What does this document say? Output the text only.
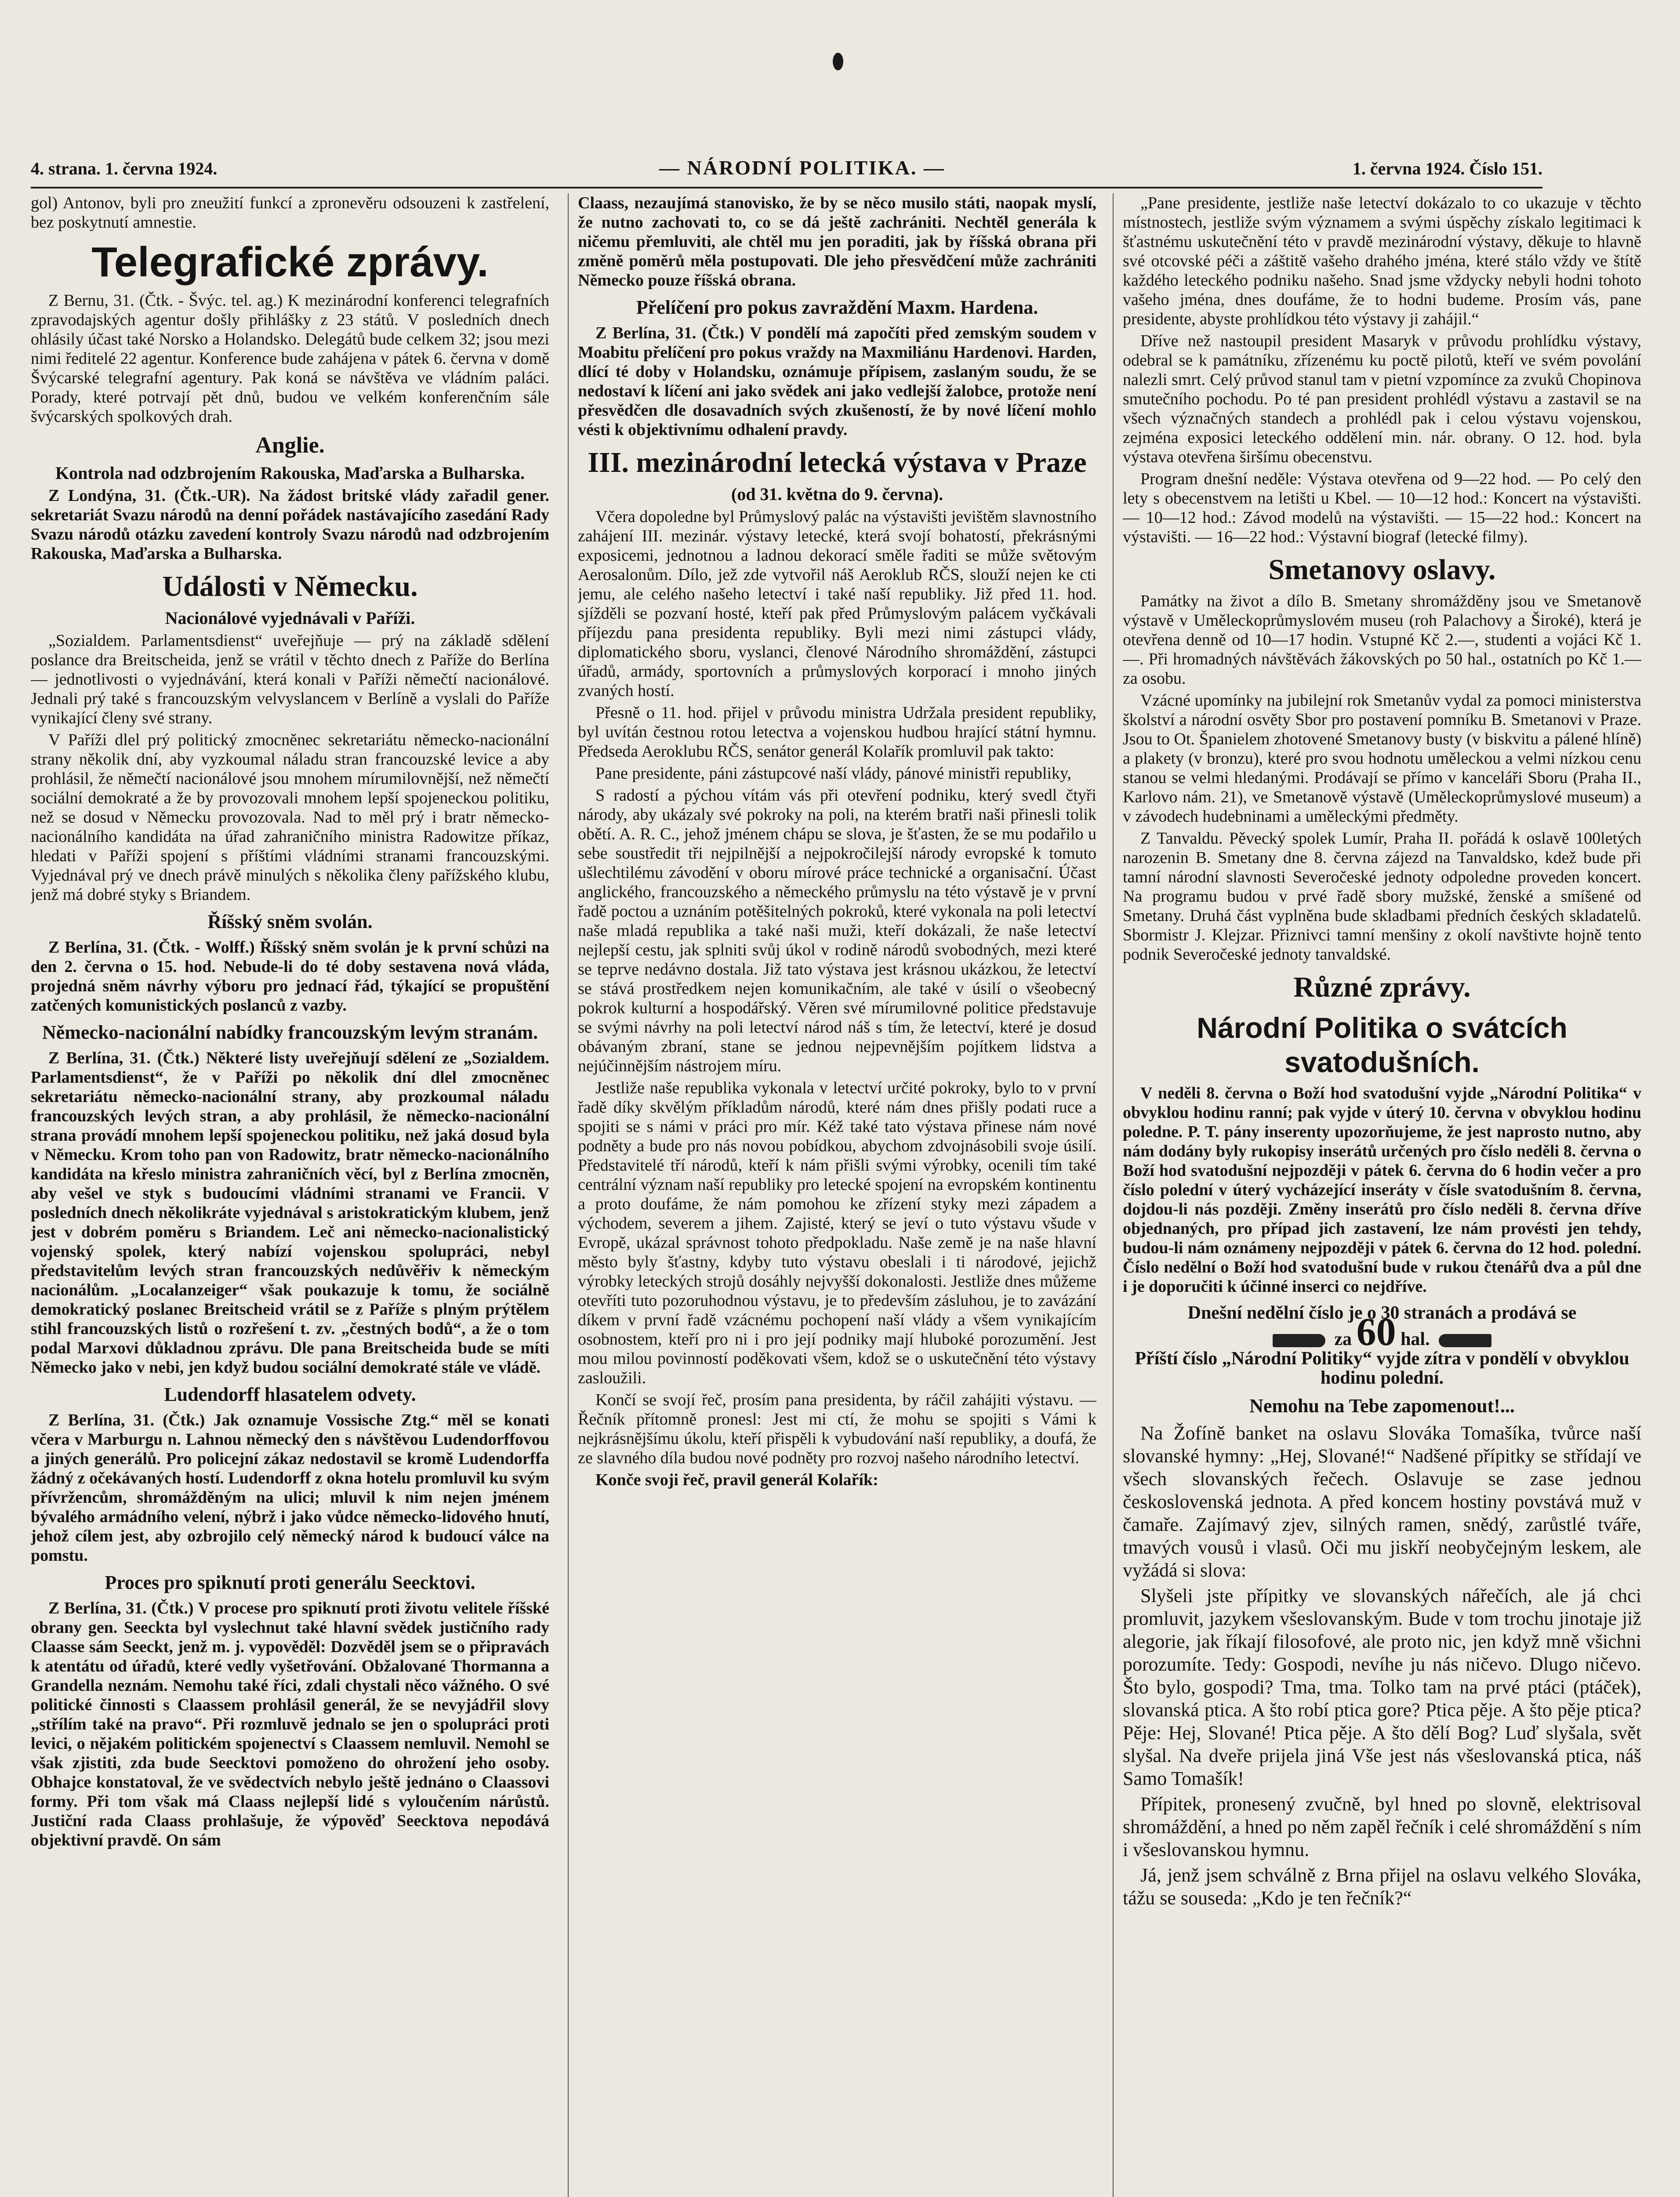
4. strana. 1. června 1924.	— NÁRODNÍ POLITIKA. —	1. června 1924. Číslo 151.

gol) Antonov, byli pro zneužití funkcí a zpronevěru odsouzeni k zastřelení, bez poskytnutí amnestie.

Telegrafické zprávy.

Z Bernu, 31. (Čtk. - Švýc. tel. ag.) K mezinárodní konferenci telegrafních zpravodajských agentur došly přihlášky z 23 států. V posledních dnech ohlásily účast také Norsko a Holandsko. Delegátů bude celkem 32; jsou mezi nimi ředitelé 22 agentur. Konference bude zahájena v pátek 6. června v domě Švýcarské telegrafní agentury. Pak koná se návštěva ve vládním paláci. Porady, které potrvají pět dnů, budou ve velkém konferenčním sále švýcarských spolkových drah.

Anglie.
Kontrola nad odzbrojením Rakouska, Maďarska a Bulharska.

Z Londýna, 31. (Čtk.-UR). Na žádost britské vlády zařadil gener. sekretariát Svazu národů na denní pořádek nastávajícího zasedání Rady Svazu národů otázku zavedení kontroly Svazu národů nad odzbrojením Rakouska, Maďarska a Bulharska.

Události v Německu.
Nacionálové vyjednávali v Paříži.

„Sozialdem. Parlamentsdienst“ uveřejňuje — prý na základě sdělení poslance dra Breitscheida, jenž se vrátil v těchto dnech z Paříže do Berlína — jednotlivosti o vyjednávání, která konali v Paříži němečtí nacionálové. Jednali prý také s francouzským velvyslancem v Berlíně a vyslali do Paříže vynikající členy své strany.

V Paříži dlel prý politický zmocněnec sekretariátu německo-nacionální strany několik dní, aby vyzkoumal náladu stran francouzské levice a aby prohlásil, že němečtí nacionálové jsou mnohem mírumilovnější, než němečtí sociální demokraté a že by provozovali mnohem lepší spojeneckou politiku, než se dosud v Německu provozovala. Nad to měl prý i bratr německo-nacionálního kandidáta na úřad zahraničního ministra Radowitze příkaz, hledati v Paříži spojení s příštími vládními stranami francouzskými. Vyjednával prý ve dnech právě minulých s několika členy pařížského klubu, jenž má dobré styky s Briandem.

Říšský sněm svolán.

Z Berlína, 31. (Čtk. - Wolff.) Říšský sněm svolán je k první schůzi na den 2. června o 15. hod. Nebude-li do té doby sestavena nová vláda, projedná sněm návrhy výboru pro jednací řád, týkající se propuštění zatčených komunistických poslanců z vazby.

Německo-nacionální nabídky francouzským levým stranám.

Z Berlína, 31. (Čtk.) Některé listy uveřejňují sdělení ze „Sozialdem. Parlamentsdienst“, že v Paříži po několik dní dlel zmocněnec sekretariátu německo-nacionální strany, aby prozkoumal náladu francouzských levých stran, a aby prohlásil, že německo-nacionální strana provádí mnohem lepší spojeneckou politiku, než jaká dosud byla v Německu. Krom toho pan von Radowitz, bratr německo-nacionálního kandidáta na křeslo ministra zahraničních věcí, byl z Berlína zmocněn, aby vešel ve styk s budoucími vládními stranami ve Francii. V posledních dnech několikráte vyjednával s aristokratickým klubem, jenž jest v dobrém poměru s Briandem. Leč ani německo-nacionalistický vojenský spolek, který nabízí vojenskou spolupráci, nebyl představitelům levých stran francouzských nedůvěřiv k německým nacionálům. „Localanzeiger“ však poukazuje k tomu, že sociálně demokratický poslanec Breitscheid vrátil se z Paříže s plným prýtělem stihl francouzských listů o rozřešení t. zv. „čestných bodů“, a že o tom podal Marxovi důkladnou zprávu. Dle pana Breitscheida bude se míti Německo jako v nebi, jen když budou sociální demokraté stále ve vládě.

Ludendorff hlasatelem odvety.

Z Berlína, 31. (Čtk.) Jak oznamuje Vossische Ztg.“ měl se konati včera v Marburgu n. Lahnou německý den s návštěvou Ludendorffovou a jiných generálů. Pro policejní zákaz nedostavil se kromě Ludendorffa žádný z očekávaných hostí. Ludendorff z okna hotelu promluvil ku svým přívržencům, shromážděným na ulici; mluvil k nim nejen jménem bývalého armádního velení, nýbrž i jako vůdce německo-lidového hnutí, jehož cílem jest, aby ozbrojilo celý německý národ k budoucí válce na pomstu.

Proces pro spiknutí proti generálu Seecktovi.

Z Berlína, 31. (Čtk.) V procese pro spiknutí proti životu velitele říšské obrany gen. Seeckta byl vyslechnut také hlavní svědek justičního rady Claasse sám Seeckt, jenž m. j. vypověděl: Dozvěděl jsem se o připravách k atentátu od úřadů, které vedly vyšetřování. Obžalované Thormanna a Grandella neznám. Nemohu také říci, zdali chystali něco vážného. O své politické činnosti s Claassem prohlásil generál, že se nevyjádřil slovy „střílím také na pravo“. Při rozmluvě jednalo se jen o spolupráci proti levici, o nějakém politickém spojenectví s Claassem nemluvil. Nemohl se však zjistiti, zda bude Seecktovi pomoženo do ohrožení jeho osoby. Obhajce konstatoval, že ve svědectvích nebylo ještě jednáno o Claassovi formy. Při tom však má Claass nejlepší lidé s vyloučením nárůstů. Justiční rada Claass prohlašuje, že výpověď Seecktova nepodává objektivní pravdě. On sám

Claass, nezaujímá stanovisko, že by se něco musilo státi, naopak myslí, že nutno zachovati to, co se dá ještě zachrániti. Nechtěl generála k ničemu přemluviti, ale chtěl mu jen poraditi, jak by říšská obrana při změně poměrů měla postupovati. Dle jeho přesvědčení může zachrániti Německo pouze říšská obrana.

Přelíčení pro pokus zavraždění Maxm. Hardena.

Z Berlína, 31. (Čtk.) V pondělí má započíti před zemským soudem v Moabitu přelíčení pro pokus vraždy na Maxmiliánu Hardenovi. Harden, dlící té doby v Holandsku, oznámuje přípisem, zaslaným soudu, že se nedostaví k líčení ani jako svědek ani jako vedlejší žalobce, protože není přesvědčen dle dosavadních svých zkušeností, že by nové líčení mohlo vésti k objektivnímu odhalení pravdy.

III. mezinárodní letecká výstava v Praze
(od 31. května do 9. června).

Včera dopoledne byl Průmyslový palác na výstavišti jevištěm slavnostního zahájení III. mezinár. výstavy letecké, která svojí bohatostí, překrásnými exposicemi, jednotnou a ladnou dekorací směle řaditi se může světovým Aerosalonům. Dílo, jež zde vytvořil náš Aeroklub RČS, slouží nejen ke cti jemu, ale celého našeho letectví i také naší republiky. Již před 11. hod. sjížděli se pozvaní hosté, kteří pak před Průmyslovým palácem vyčkávali příjezdu pana presidenta republiky. Byli mezi nimi zástupci vlády, diplomatického sboru, vyslanci, členové Národního shromáždění, zástupci úřadů, armády, sportovních a průmyslových korporací i mnoho jiných zvaných hostí.

Přesně o 11. hod. přijel v průvodu ministra Udržala president republiky, byl uvítán čestnou rotou letectva a vojenskou hudbou hrající státní hymnu. Předseda Aeroklubu RČS, senátor generál Kolařík promluvil pak takto:

Pane presidente, páni zástupcové naší vlády, pánové ministři republiky,

S radostí a pýchou vítám vás při otevření podniku, který svedl čtyři národy, aby ukázaly své pokroky na poli, na kterém bratři naši přinesli tolik obětí. A. R. C., jehož jménem chápu se slova, je šťasten, že se mu podařilo u sebe soustředit tři nejpilnější a nejpokročilejší národy evropské k tomuto ušlechtilému závodění v oboru mírové práce technické a organisační. Účast anglického, francouzského a německého průmyslu na této výstavě je v první řadě poctou a uznáním potěšitelných pokroků, které vykonala na poli letectví naše mladá republika a také naši muži, kteří dokázali, že naše letectví nejlepší cestu, jak splniti svůj úkol v rodině národů svobodných, mezi které se teprve nedávno dostala. Již tato výstava jest krásnou ukázkou, že letectví se stává prostředkem nejen komunikačním, ale také v úsilí o všeobecný pokrok kulturní a hospodářský. Věren své mírumilovné politice představuje se svými návrhy na poli letectví národ náš s tím, že letectví, které je dosud obávaným zbraní, stane se jednou nejpevnějším pojítkem lidstva a nejúčinnějším nástrojem míru.

Jestliže naše republika vykonala v letectví určité pokroky, bylo to v první řadě díky skvělým příkladům národů, které nám dnes přišly podati ruce a spojiti se s námi v práci pro mír. Kéž také tato výstava přinese nám nové podněty a bude pro nás novou pobídkou, abychom zdvojnásobili svoje úsilí. Představitelé tří národů, kteří k nám přišli svými výrobky, ocenili tím také centrální význam naší republiky pro letecké spojení na evropském kontinentu a proto doufáme, že nám pomohou ke zřízení styky mezi západem a východem, severem a jihem. Zajisté, který se jeví o tuto výstavu všude v Evropě, ukázal správnost tohoto předpokladu. Naše země je na naše hlavní město byly šťastny, kdyby tuto výstavu obeslali i ti národové, jejichž výrobky leteckých strojů dosáhly nejvyšší dokonalosti. Jestliže dnes můžeme otevříti tuto pozoruhodnou výstavu, je to především zásluhou, je to zavázání díkem v první řadě vzácnému pochopení naší vlády a všem vynikajícím osobnostem, kteří pro ni i pro její podniky mají hluboké porozumění. Jest mou milou povinností poděkovati všem, kdož se o uskutečnění této výstavy zasloužili.

Končí se svojí řeč, prosím pana presidenta, by ráčil zahájiti výstavu. — Řečník přítomně pronesl: Jest mi ctí, že mohu se spojiti s Vámi k nejkrásnějšímu úkolu, kteří přispěli k vybudování naší republiky, a doufá, že ze slavného díla budou nové podněty pro rozvoj našeho národního letectví.

Konče svoji řeč, pravil generál Kolařík:

„Pane presidente, jestliže naše letectví dokázalo to co ukazuje v těchto místnostech, jestliže svým významem a svými úspěchy získalo legitimaci k šťastnému uskutečnění této v pravdě mezinárodní výstavy, děkuje to hlavně své otcovské péči a záštitě vašeho drahého jména, které stálo vždy ve štítě každého leteckého podniku našeho. Snad jsme vždycky nebyli hodni tohoto vašeho jména, dnes doufáme, že to hodni budeme. Prosím vás, pane presidente, abyste prohlídkou této výstavy ji zahájil.“

Dříve než nastoupil president Masaryk v průvodu prohlídku výstavy, odebral se k památníku, zřízenému ku poctě pilotů, kteří ve svém povolání nalezli smrt. Celý průvod stanul tam v pietní vzpomínce za zvuků Chopinova smutečního pochodu. Po té pan president prohlédl výstavu a zastavil se na všech význačných standech a prohlédl pak i celou výstavu vojenskou, zejména exposici leteckého oddělení min. nár. obrany. O 12. hod. byla výstava otevřena širšímu obecenstvu.

Program dnešní neděle: Výstava otevřena od 9—22 hod. — Po celý den lety s obecenstvem na letišti u Kbel. — 10—12 hod.: Koncert na výstavišti. — 10—12 hod.: Závod modelů na výstavišti. — 15—22 hod.: Koncert na výstavišti. — 16—22 hod.: Výstavní biograf (letecké filmy).

Smetanovy oslavy.

Památky na život a dílo B. Smetany shromážděny jsou ve Smetanově výstavě v Uměleckoprůmyslovém museu (roh Palachovy a Široké), která je otevřena denně od 10—17 hodin. Vstupné Kč 2.—, studenti a vojáci Kč 1.—. Při hromadných návštěvách žákovských po 50 hal., ostatních po Kč 1.— za osobu.

Vzácné upomínky na jubilejní rok Smetanův vydal za pomoci ministerstva školství a národní osvěty Sbor pro postavení pomníku B. Smetanovi v Praze. Jsou to Ot. Španielem zhotovené Smetanovy busty (v biskvitu a pálené hlíně) a plakety (v bronzu), které pro svou hodnotu uměleckou a velmi nízkou cenu stanou se velmi hledanými. Prodávají se přímo v kanceláři Sboru (Praha II., Karlovo nám. 21), ve Smetanově výstavě (Uměleckoprůmyslové museum) a v závodech hudebninami a uměleckými předměty.

Z Tanvaldu. Pěvecký spolek Lumír, Praha II. pořádá k oslavě 100letých narozenin B. Smetany dne 8. června zájezd na Tanvaldsko, kdež bude při tamní národní slavnosti Severočeské jednoty odpoledne proveden koncert. Na programu budou v prvé řadě sbory mužské, ženské a smíšené od Smetany. Druhá část vyplněna bude skladbami předních českých skladatelů. Sbormistr J. Klejzar. Přiznivci tamní menšiny z okolí navštivte hojně tento podnik Severočeské jednoty tanvaldské.

Různé zprávy.
Národní Politika o svátcích svatodušních.

V neděli 8. června o Boží hod svatodušní vyjde „Národní Politika“ v obvyklou hodinu ranní; pak vyjde v úterý 10. června v obvyklou hodinu poledne. P. T. pány inserenty upozorňujeme, že jest naprosto nutno, aby nám dodány byly rukopisy inserátů určených pro číslo neděli 8. června o Boží hod svatodušní nejpozději v pátek 6. června do 6 hodin večer a pro číslo polední v úterý vycházející inseráty v čísle svatodušním 8. června, dojdou-li nás později. Změny inserátů pro číslo neděli 8. června dříve objednaných, pro případ jich zastavení, lze nám provésti jen tehdy, budou-li nám oznámeny nejpozději v pátek 6. června do 12 hod. polední. Číslo nedělní o Boží hod svatodušní bude v rukou čtenářů dva a půl dne i je doporučiti k účinné inserci co nejdříve.

Dnešní nedělní číslo je o 30 stranách a prodává se
za 60 hal.
Příští číslo „Národní Politiky“ vyjde zítra v pondělí v obvyklou hodinu polední.
Nemohu na Tebe zapomenout!...

Na Žofíně banket na oslavu Slováka Tomašíka, tvůrce naší slovanské hymny: „Hej, Slované!“ Nadšené přípitky se střídají ve všech slovanských řečech. Oslavuje se zase jednou československá jednota. A před koncem hostiny povstává muž v čamaře. Zajímavý zjev, silných ramen, snědý, zarůstlé tváře, tmavých vousů i vlasů. Oči mu jiskří neobyčejným leskem, ale vyžádá si slova:

Slyšeli jste přípitky ve slovanských nářečích, ale já chci promluvit, jazykem všeslovanským. Bude v tom trochu jinotaje již alegorie, jak říkají filosofové, ale proto nic, jen když mně všichni porozumíte. Tedy: Gospodi, nevíhe ju nás ničevo. Dlugo ničevo. Što bylo, gospodi? Tma, tma. Tolko tam na prvé ptáci (ptáček), slovanská ptica. A što robí ptica gore? Ptica pěje. A što pěje ptica? Pěje: Hej, Slované! Ptica pěje. A što dělí Bog? Luď slyšala, svět slyšal. Na dveře prijela jiná Vše jest nás všeslovanská ptica, náš Samo Tomašík!

Přípitek, pronesený zvučně, byl hned po slovně, elektrisoval shromáždění, a hned po něm zapěl řečník i celé shromáždění s ním i všeslovanskou hymnu.

Já, jenž jsem schválně z Brna přijel na oslavu velkého Slováka, tážu se souseda: „Kdo je ten řečník?“
